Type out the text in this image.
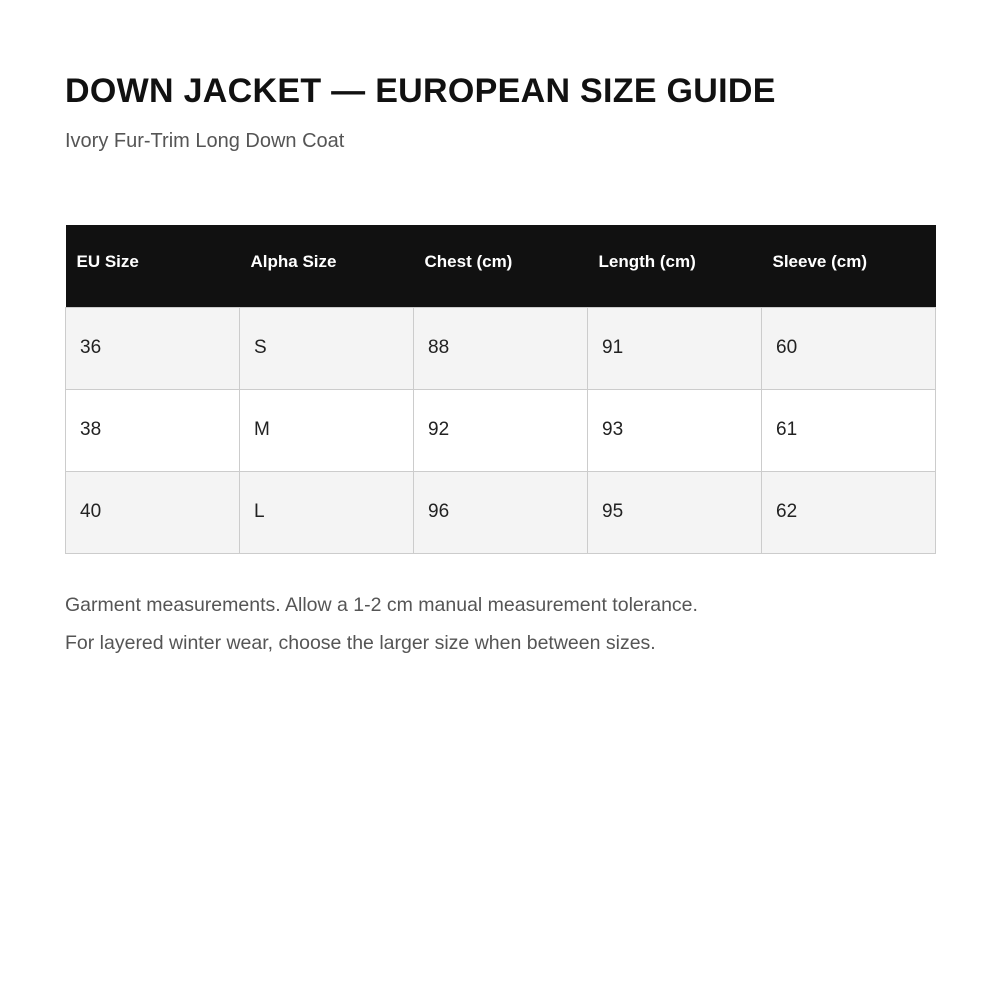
DOWN JACKET — EUROPEAN SIZE GUIDE

Ivory Fur-Trim Long Down Coat

EU Size	Alpha Size	Chest (cm)	Length (cm)	Sleeve (cm)
36	S	88	91	60
38	M	92	93	61
40	L	96	95	62

Garment measurements. Allow a 1-2 cm manual measurement tolerance.

For layered winter wear, choose the larger size when between sizes.
